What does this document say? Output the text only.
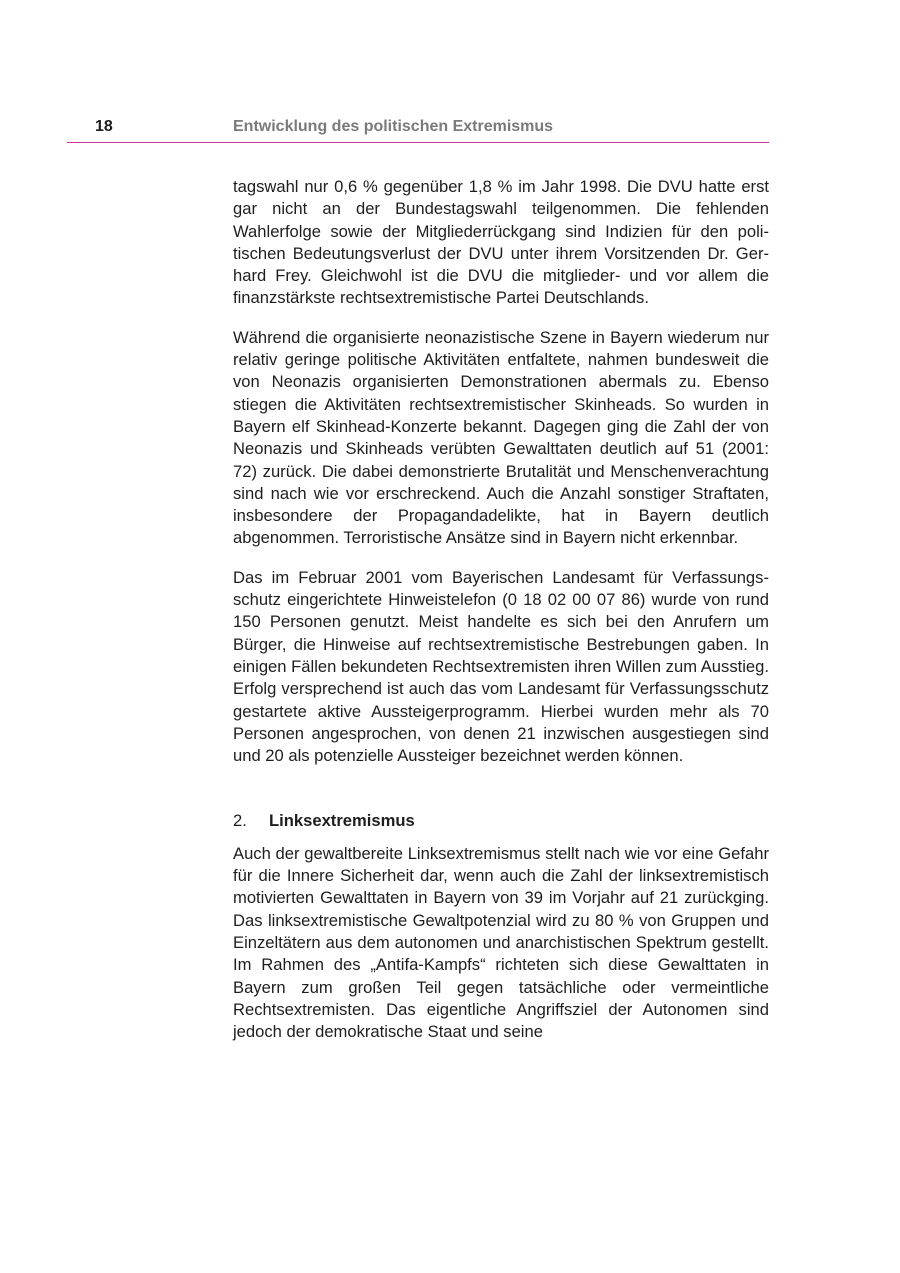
18	Entwicklung des politischen Extremismus

tagswahl nur 0,6 % gegenüber 1,8 % im Jahr 1998. Die DVU hatte erst gar nicht an der Bundestagswahl teilgenommen. Die fehlenden Wahlerfolge sowie der Mitgliederrückgang sind Indizien für den politischen Bedeutungsverlust der DVU unter ihrem Vorsitzenden Dr. Gerhard Frey. Gleichwohl ist die DVU die mitglieder- und vor allem die finanzstärkste rechtsextremistische Partei Deutschlands.

Während die organisierte neonazistische Szene in Bayern wiederum nur relativ geringe politische Aktivitäten entfaltete, nahmen bundesweit die von Neonazis organisierten Demonstrationen abermals zu. Ebenso stiegen die Aktivitäten rechtsextremistischer Skinheads. So wurden in Bayern elf Skinhead-Konzerte bekannt. Dagegen ging die Zahl der von Neonazis und Skinheads verübten Gewalttaten deutlich auf 51 (2001: 72) zurück. Die dabei demonstrierte Brutalität und Menschenverachtung sind nach wie vor erschreckend. Auch die Anzahl sonstiger Straftaten, insbesondere der Propagandadelikte, hat in Bayern deutlich abgenommen. Terroristische Ansätze sind in Bayern nicht erkennbar.

Das im Februar 2001 vom Bayerischen Landesamt für Verfassungsschutz eingerichtete Hinweistelefon (0 18 02 00 07 86) wurde von rund 150 Personen genutzt. Meist handelte es sich bei den Anrufern um Bürger, die Hinweise auf rechtsextremistische Bestrebungen gaben. In einigen Fällen bekundeten Rechtsextremisten ihren Willen zum Ausstieg. Erfolg versprechend ist auch das vom Landesamt für Verfassungsschutz gestartete aktive Aussteigerprogramm. Hierbei wurden mehr als 70 Personen angesprochen, von denen 21 inzwischen ausgestiegen sind und 20 als potenzielle Aussteiger bezeichnet werden können.

2. Linksextremismus

Auch der gewaltbereite Linksextremismus stellt nach wie vor eine Gefahr für die Innere Sicherheit dar, wenn auch die Zahl der linksextremistisch motivierten Gewalttaten in Bayern von 39 im Vorjahr auf 21 zurückging. Das linksextremistische Gewaltpotenzial wird zu 80 % von Gruppen und Einzeltätern aus dem autonomen und anarchistischen Spektrum gestellt. Im Rahmen des „Antifa-Kampfs“ richteten sich diese Gewalttaten in Bayern zum großen Teil gegen tatsächliche oder vermeintliche Rechtsextremisten. Das eigentliche Angriffsziel der Autonomen sind jedoch der demokratische Staat und seine
